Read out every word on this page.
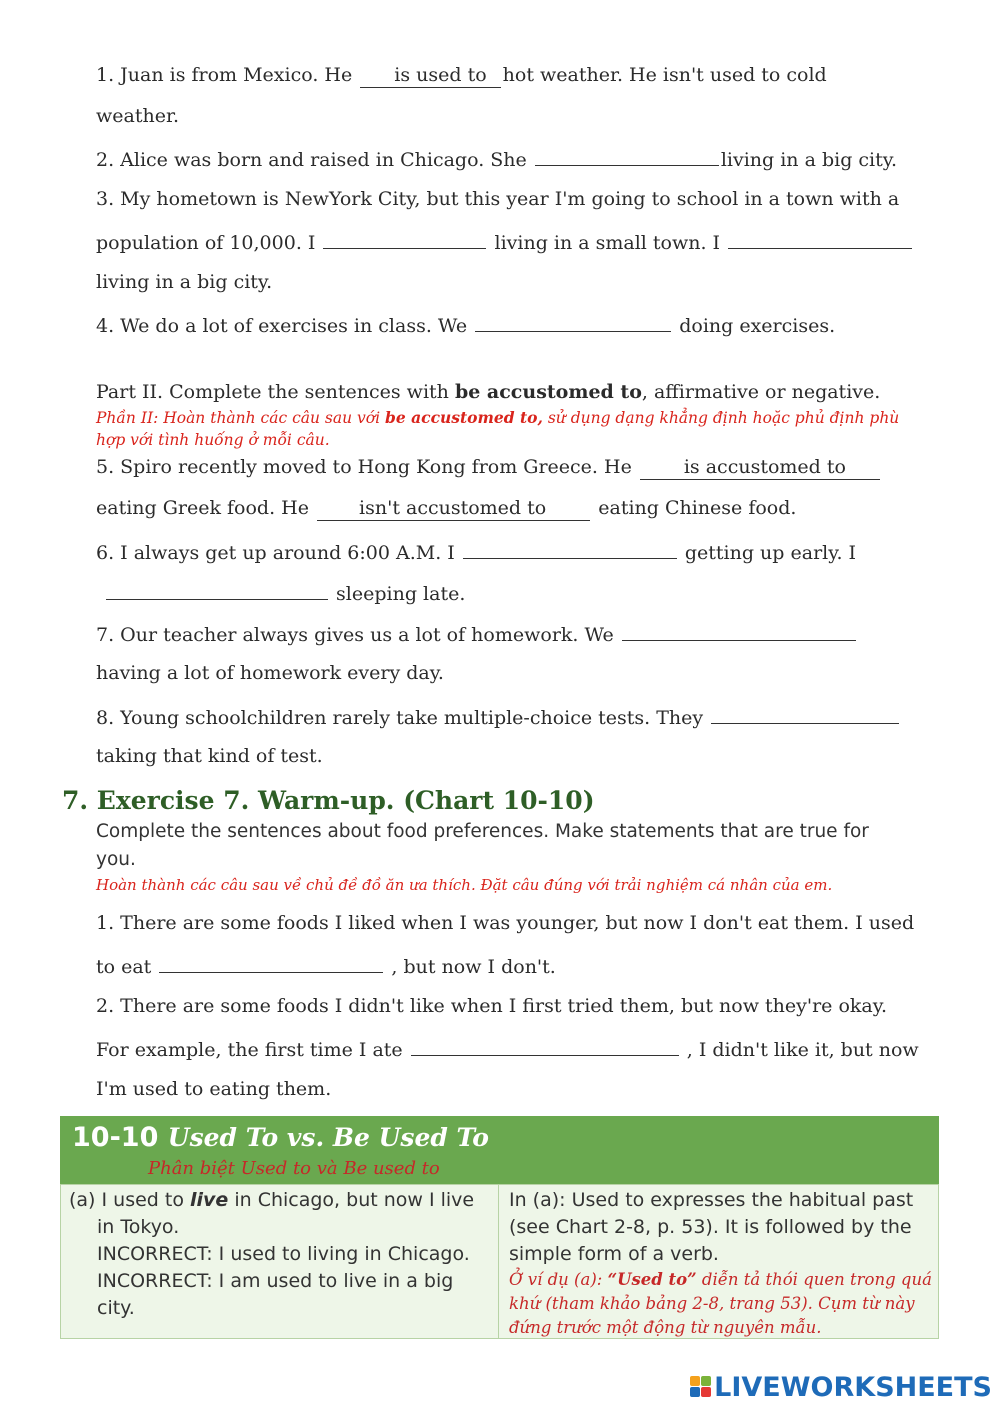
1. Juan is from Mexico. He is used to hot weather. He isn't used to cold
weather.
2. Alice was born and raised in Chicago. She	living in a big city.
3. My hometown is NewYork City, but this year I'm going to school in a town with a
population of 10,000. I	living in a small town. I
living in a big city.
4. We do a lot of exercises in class. We	doing exercises.
Part II. Complete the sentences with be accustomed to, affirmative or negative.
Phần II: Hoàn thành các câu sau với be accustomed to, sử dụng dạng khẳng định hoặc phủ định phù
hợp với tình huống ở mỗi câu.
5. Spiro recently moved to Hong Kong from Greece. He is accustomed to
eating Greek food. He isn't accustomed to eating Chinese food.
6. I always get up around 6:00 A.M. I	getting up early. I
sleeping late.
7. Our teacher always gives us a lot of homework. We
having a lot of homework every day.
8. Young schoolchildren rarely take multiple-choice tests. They
taking that kind of test.
7. Exercise 7. Warm-up. (Chart 10-10)
Complete the sentences about food preferences. Make statements that are true for
you.
Hoàn thành các câu sau về chủ đề đồ ăn ưa thích. Đặt câu đúng với trải nghiệm cá nhân của em.
1. There are some foods I liked when I was younger, but now I don't eat them. I used
to eat	, but now I don't.
2. There are some foods I didn't like when I first tried them, but now they're okay.
For example, the first time I ate	, I didn't like it, but now
I'm used to eating them.
10-10 Used To vs. Be Used To
Phân biệt Used to và Be used to
(a) I used to live in Chicago, but now I live
in Tokyo.
INCORRECT: I used to living in Chicago.
INCORRECT: I am used to live in a big
city.
In (a): Used to expresses the habitual past
(see Chart 2-8, p. 53). It is followed by the
simple form of a verb.
Ở ví dụ (a): “Used to” diễn tả thói quen trong quá
khứ (tham khảo bảng 2-8, trang 53). Cụm từ này
đứng trước một động từ nguyên mẫu.
LIVEWORKSHEETS
